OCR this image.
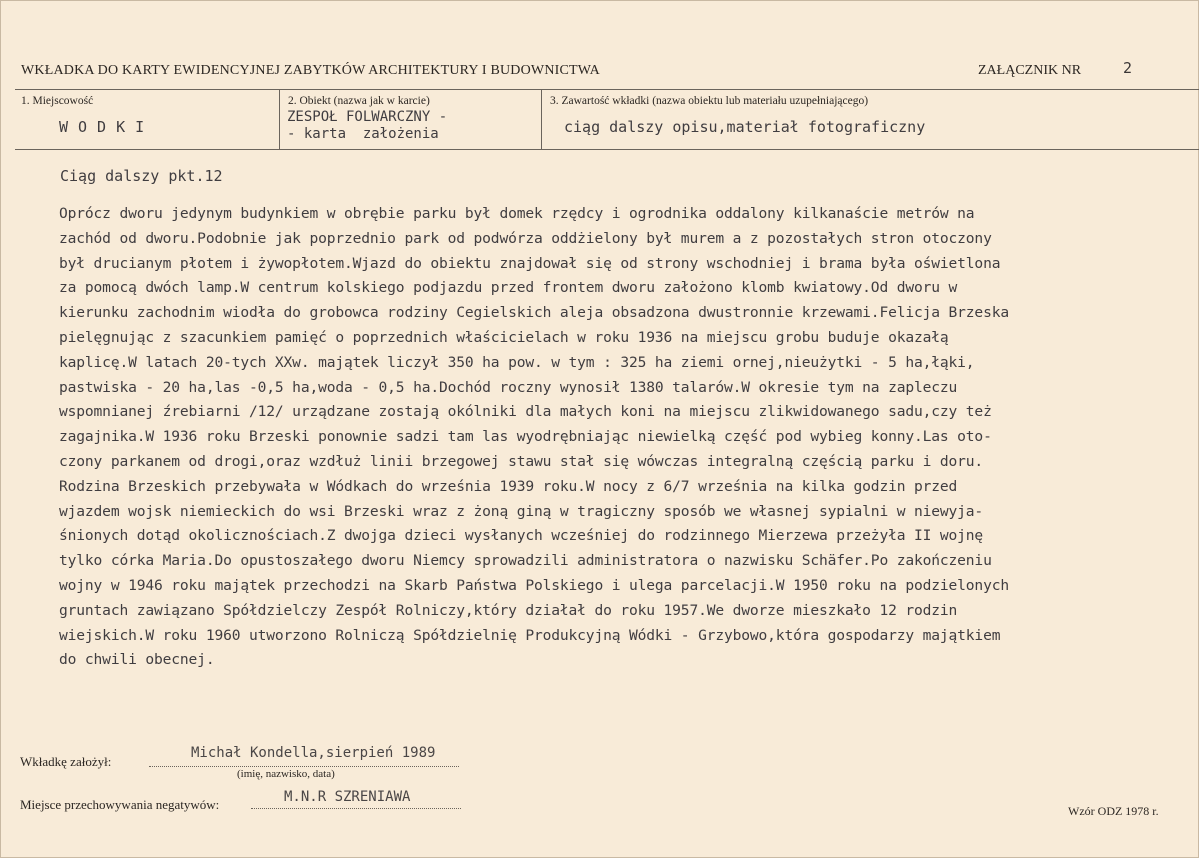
WKŁADKA DO KARTY EWIDENCYJNEJ ZABYTKÓW ARCHITEKTURY I BUDOWNICTWA	ZAŁĄCZNIK NR	2
1. Miejscowość
WODKI
2. Obiekt (nazwa jak w karcie)
ZESPOŁ FOLWARCZNY -
- karta  założenia
3. Zawartość wkładki (nazwa obiektu lub materiału uzupełniającego)
ciąg dalszy opisu,materiał fotograficzny
Ciąg dalszy pkt.12
Oprócz dworu jedynym budynkiem w obrębie parku był domek rzędcy i ogrodnika oddalony kilkanaście metrów na
zachód od dworu.Podobnie jak poprzednio park od podwórza oddżielony był murem a z pozostałych stron otoczony
był drucianym płotem i żywopłotem.Wjazd do obiektu znajdował się od strony wschodniej i brama była oświetlona
za pomocą dwóch lamp.W centrum kolskiego podjazdu przed frontem dworu założono klomb kwiatowy.Od dworu w
kierunku zachodnim wiodła do grobowca rodziny Cegielskich aleja obsadzona dwustronnie krzewami.Felicja Brzeska
pielęgnując z szacunkiem pamięć o poprzednich właścicielach w roku 1936 na miejscu grobu buduje okazałą
kaplicę.W latach 20-tych XXw. majątek liczył 350 ha pow. w tym : 325 ha ziemi ornej,nieużytki - 5 ha,łąki,
pastwiska - 20 ha,las -0,5 ha,woda - 0,5 ha.Dochód roczny wynosił 1380 talarów.W okresie tym na zapleczu
wspomnianej źrebiarni /12/ urządzane zostają okólniki dla małych koni na miejscu zlikwidowanego sadu,czy też
zagajnika.W 1936 roku Brzeski ponownie sadzi tam las wyodrębniając niewielką część pod wybieg konny.Las oto-
czony parkanem od drogi,oraz wzdłuż linii brzegowej stawu stał się wówczas integralną częścią parku i doru.
Rodzina Brzeskich przebywała w Wódkach do września 1939 roku.W nocy z 6/7 września na kilka godzin przed
wjazdem wojsk niemieckich do wsi Brzeski wraz z żoną giną w tragiczny sposób we własnej sypialni w niewyja-
śnionych dotąd okolicznościach.Z dwojga dzieci wysłanych wcześniej do rodzinnego Mierzewa przeżyła II wojnę
tylko córka Maria.Do opustoszałego dworu Niemcy sprowadzili administratora o nazwisku Schäfer.Po zakończeniu
wojny w 1946 roku majątek przechodzi na Skarb Państwa Polskiego i ulega parcelacji.W 1950 roku na podzielonych
gruntach zawiązano Spółdzielczy Zespół Rolniczy,który działał do roku 1957.We dworze mieszkało 12 rodzin
wiejskich.W roku 1960 utworzono Rolniczą Spółdzielnię Produkcyjną Wódki - Grzybowo,która gospodarzy majątkiem
do chwili obecnej.
Wkładkę założył:
Michał Kondella,sierpień 1989
(imię, nazwisko, data)
Miejsce przechowywania negatywów:	M.N.R SZRENIAWA
Wzór ODZ 1978 r.
